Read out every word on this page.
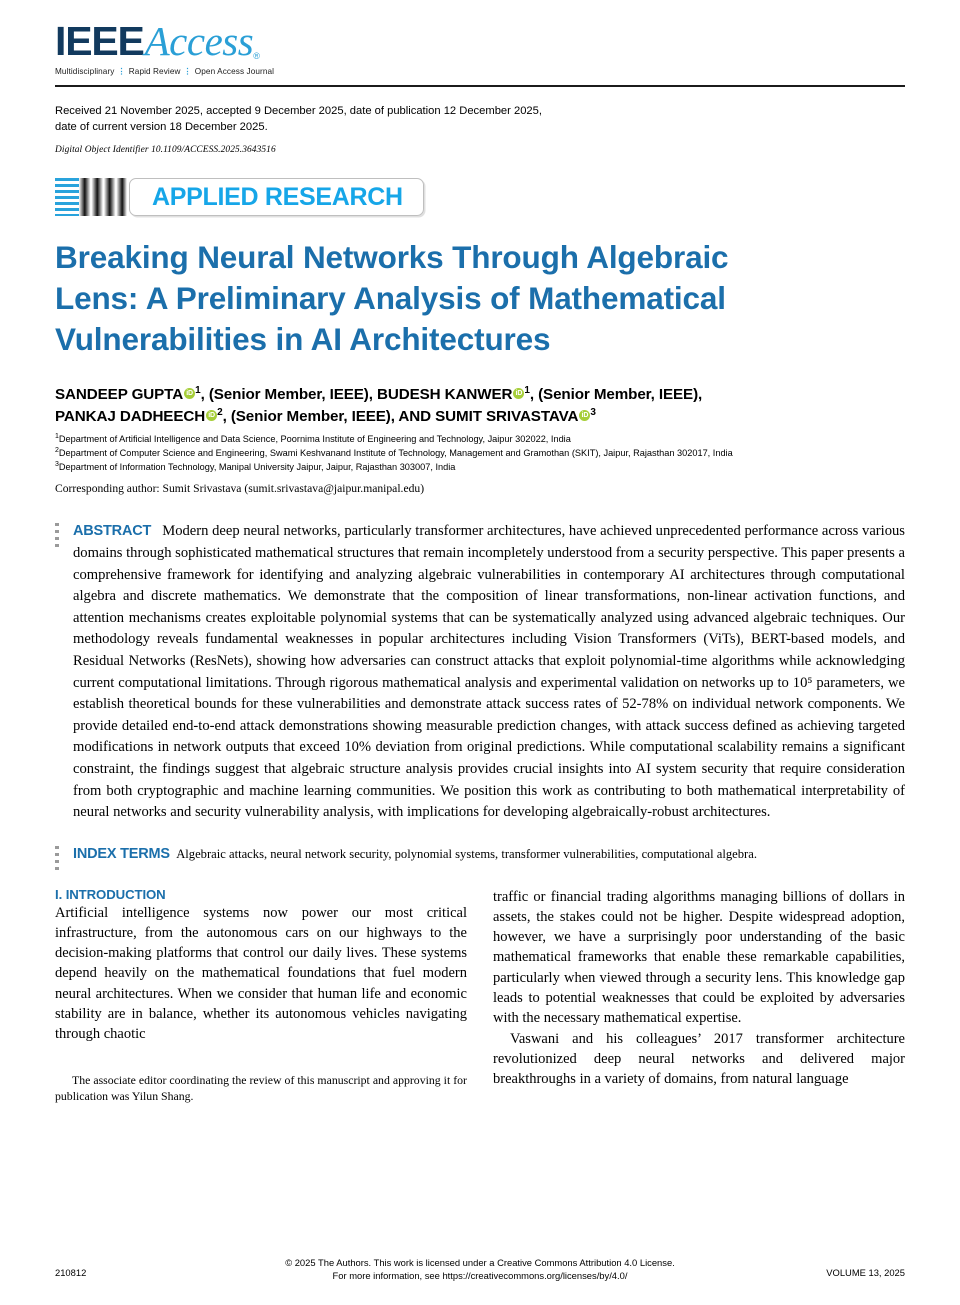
IEEE Access ®
Multidisciplinary ⋮ Rapid Review ⋮ Open Access Journal
Received 21 November 2025, accepted 9 December 2025, date of publication 12 December 2025,
date of current version 18 December 2025.
Digital Object Identifier 10.1109/ACCESS.2025.3643516
APPLIED RESEARCH
Breaking Neural Networks Through Algebraic Lens: A Preliminary Analysis of Mathematical Vulnerabilities in AI Architectures
SANDEEP GUPTA iD $^1$, (Senior Member, IEEE), BUDESH KANWER iD $^1$, (Senior Member, IEEE),
PANKAJ DADHEECH iD $^2$, (Senior Member, IEEE), AND SUMIT SRIVASTAVA iD $^3$
$^1$Department of Artificial Intelligence and Data Science, Poornima Institute of Engineering and Technology, Jaipur 302022, India
$^2$Department of Computer Science and Engineering, Swami Keshvanand Institute of Technology, Management and Gramothan (SKIT), Jaipur, Rajasthan 302017, India
$^3$Department of Information Technology, Manipal University Jaipur, Jaipur, Rajasthan 303007, India
Corresponding author: Sumit Srivastava (sumit.srivastava@jaipur.manipal.edu)
ABSTRACT Modern deep neural networks, particularly transformer architectures, have achieved unprecedented performance across various domains through sophisticated mathematical structures that remain incompletely understood from a security perspective. This paper presents a comprehensive framework for identifying and analyzing algebraic vulnerabilities in contemporary AI architectures through computational algebra and discrete mathematics. We demonstrate that the composition of linear transformations, non-linear activation functions, and attention mechanisms creates exploitable polynomial systems that can be systematically analyzed using advanced algebraic techniques. Our methodology reveals fundamental weaknesses in popular architectures including Vision Transformers (ViTs), BERT-based models, and Residual Networks (ResNets), showing how adversaries can construct attacks that exploit polynomial-time algorithms while acknowledging current computational limitations. Through rigorous mathematical analysis and experimental validation on networks up to 10⁵ parameters, we establish theoretical bounds for these vulnerabilities and demonstrate attack success rates of 52-78% on individual network components. We provide detailed end-to-end attack demonstrations showing measurable prediction changes, with attack success defined as achieving targeted modifications in network outputs that exceed 10% deviation from original predictions. While computational scalability remains a significant constraint, the findings suggest that algebraic structure analysis provides crucial insights into AI system security that require consideration from both cryptographic and machine learning communities. We position this work as contributing to both mathematical interpretability of neural networks and security vulnerability analysis, with implications for developing algebraically-robust architectures.
INDEX TERMS Algebraic attacks, neural network security, polynomial systems, transformer vulnerabilities, computational algebra.
I. INTRODUCTION

Artificial intelligence systems now power our most critical infrastructure, from the autonomous cars on our highways to the decision-making platforms that control our daily lives. These systems depend heavily on the mathematical foundations that fuel modern neural architectures. When we consider that human life and economic stability are in balance, whether its autonomous vehicles navigating through chaotic

The associate editor coordinating the review of this manuscript and approving it for publication was Yilun Shang.

traffic or financial trading algorithms managing billions of dollars in assets, the stakes could not be higher. Despite widespread adoption, however, we have a surprisingly poor understanding of the basic mathematical frameworks that enable these remarkable capabilities, particularly when viewed through a security lens. This knowledge gap leads to potential weaknesses that could be exploited by adversaries with the necessary mathematical expertise.

Vaswani and his colleagues’ 2017 transformer architecture revolutionized deep neural networks and delivered major breakthroughs in a variety of domains, from natural language

210812
© 2025 The Authors. This work is licensed under a Creative Commons Attribution 4.0 License.
For more information, see https://creativecommons.org/licenses/by/4.0/	VOLUME 13, 2025
